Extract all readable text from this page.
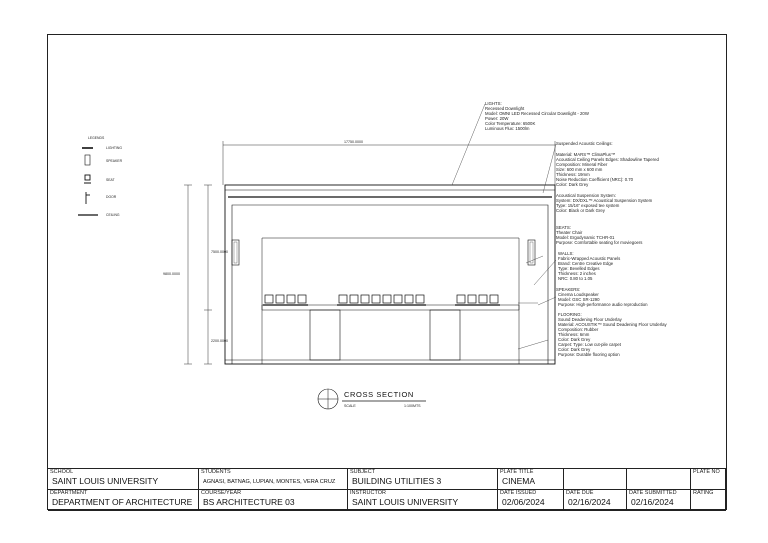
LEGENDS
LIGHTING
SPEAKER
SEAT
DOOR
CEILING
17750.0000
9800.0000
7500.0000
2200.0000
LIGHTS:
Recessed Downlight
Model: OMNI LED Recessed Circular Downlight - 20W
Power: 20W
Color Temperature: 6500K
Luminous Flux: 1500lm
Suspended Acoustic Ceilings:
Material: MARS™ ClimaPlus™
Acoustical Ceiling Panels Edges: Shadowline Tapered
Composition: Mineral Fiber
Size: 600 mm x 600 mm
Thickness: 19mm
Noise Reduction Coefficient (NRC): 0.70
Color: Dark Grey
Acoustical Suspension System:
System: DX/DXL™ Acoustical Suspension System
Type: 15/16" exposed tee system
Color: Black or Dark Grey
SEATS:
Theater Chair
Model: Ergodynamic TCHR-01
Purpose: Comfortable seating for moviegoers
WALLS:
Fabric-Wrapped Acoustic Panels
Brand: Centre Creative Edge
Type: Bevelled Edges
Thickness: 2 inches
NRC: 0.80 to 1.05
SPEAKERS:
Cinema Loudspeaker
Model: GSC SR-1290
Purpose: High-performance audio reproduction
FLOORING:
Sound Deadening Floor Underlay
Material: ACOUSTIK™ Sound Deadening Floor Underlay
Composition: Rubber
Thickness: 6mm
Color: Dark Grey
Carpet: Type: Low cut-pile carpet
Color: Dark Grey
Purpose: Durable flooring option
CROSS SECTION
SCALE	1:100MTS
SCHOOL
SAINT LOUIS UNIVERSITY
STUDENTS
AGNASI, BATNAG, LUPIAN, MONTES, VERA CRUZ
SUBJECT
BUILDING UTILITIES 3
PLATE TITLE
CINEMA
PLATE NO
DEPARTMENT
DEPARTMENT OF ARCHITECTURE
COURSE/YEAR
BS ARCHITECTURE 03
INSTRUCTOR
SAINT LOUIS UNIVERSITY
DATE ISSUED
02/06/2024
DATE DUE
02/16/2024
DATE SUBMITTED
02/16/2024
RATING
